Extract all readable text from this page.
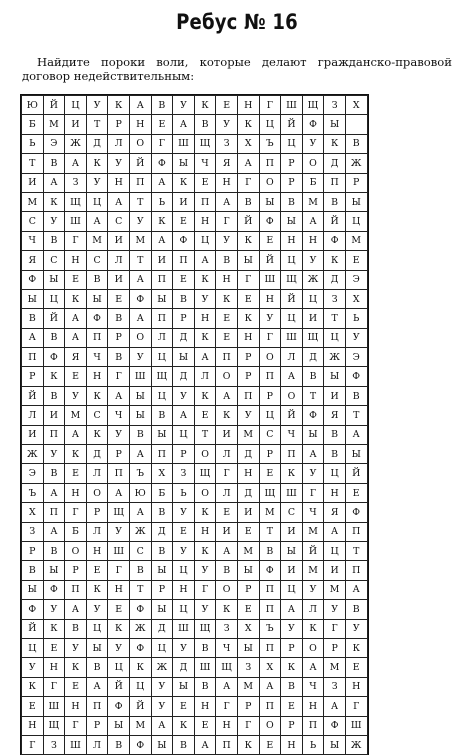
Ребус № 16
Найдите пороки воли, которые делают гражданско-правовой договор недействительным:
Ю	Й	Ц	У	К	А	В	У	К	Е	Н	Г	Ш	Щ	З	Х
Б	М	И	Т	Р	Н	Е	А	В	У	К	Ц	Й	Ф	Ы	
Ь	Э	Ж	Д	Л	О	Г	Ш	Щ	З	Х	Ъ	Ц	У	К	В
Т	В	А	К	У	Й	Ф	Ы	Ч	Я	А	П	Р	О	Д	Ж
И	А	З	У	Н	П	А	К	Е	Н	Г	О	Р	Б	П	Р
М	К	Щ	Ц	А	Т	Ь	И	П	А	В	Ы	В	М	В	Ы
С	У	Ш	А	С	У	К	Е	Н	Г	Й	Ф	Ы	А	Й	Ц
Ч	В	Г	М	И	М	А	Ф	Ц	У	К	Е	Н	Н	Ф	М
Я	С	Н	С	Л	Т	И	П	А	В	Ы	Й	Ц	У	К	Е
Ф	Ы	Е	В	И	А	П	Е	К	Н	Г	Ш	Щ	Ж	Д	Э
Ы	Ц	К	Ы	Е	Ф	Ы	В	У	К	Е	Н	Й	Ц	З	Х
В	Й	А	Ф	В	А	П	Р	Н	Е	К	У	Ц	И	Т	Ь
А	В	А	П	Р	О	Л	Д	К	Е	Н	Г	Ш	Щ	Ц	У
П	Ф	Я	Ч	В	У	Ц	Ы	А	П	Р	О	Л	Д	Ж	Э
Р	К	Е	Н	Г	Ш	Щ	Д	Л	О	Р	П	А	В	Ы	Ф
Й	В	У	К	А	Ы	Ц	У	К	А	П	Р	О	Т	И	В
Л	И	М	С	Ч	Ы	В	А	Е	К	У	Ц	Й	Ф	Я	Т
И	П	А	К	У	В	Ы	Ц	Т	И	М	С	Ч	Ы	В	А
Ж	У	К	Д	Р	А	П	Р	О	Л	Д	Р	П	А	В	Ы
Э	В	Е	Л	П	Ъ	Х	З	Щ	Г	Н	Е	К	У	Ц	Й
Ъ	А	Н	О	А	Ю	Б	Ь	О	Л	Д	Щ	Ш	Г	Н	Е
Х	П	Г	Р	Щ	А	В	У	К	Е	И	М	С	Ч	Я	Ф
З	А	Б	Л	У	Ж	Д	Е	Н	И	Е	Т	И	М	А	П
Р	В	О	Н	Ш	С	В	У	К	А	М	В	Ы	Й	Ц	Т
В	Ы	Р	Е	Г	В	Ы	Ц	У	В	Ы	Ф	И	М	И	П
Ы	Ф	П	К	Н	Т	Р	Н	Г	О	Р	П	Ц	У	М	А
Ф	У	А	У	Е	Ф	Ы	Ц	У	К	Е	П	А	Л	У	В
Й	К	В	Ц	К	Ж	Д	Ш	Щ	З	Х	Ъ	У	К	Г	У
Ц	Е	У	Ы	У	Ф	Ц	У	В	Ч	Ы	П	Р	О	Р	К
У	Н	К	В	Ц	К	Ж	Д	Ш	Щ	З	Х	К	А	М	Е
К	Г	Е	А	Й	Ц	У	Ы	В	А	М	А	В	Ч	З	Н
Е	Ш	Н	П	Ф	Й	У	Е	Н	Г	Р	П	Е	Н	А	Г
Н	Щ	Г	Р	Ы	М	А	К	Е	Н	Г	О	Р	П	Ф	Ш
Г	З	Ш	Л	В	Ф	Ы	В	А	П	К	Е	Н	Ь	Ы	Ж
